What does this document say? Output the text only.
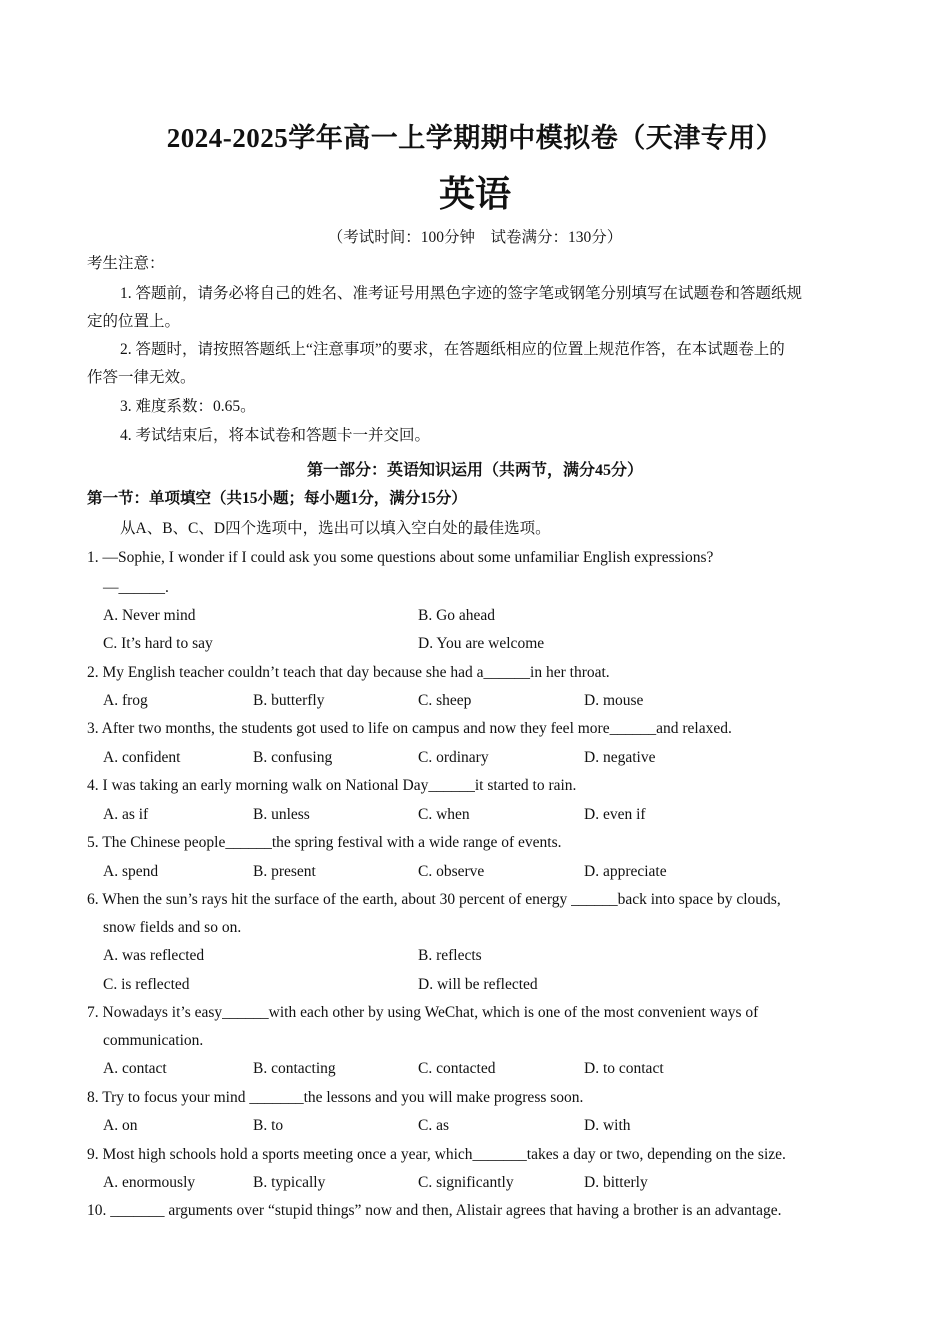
2024-2025学年高一上学期期中模拟卷（天津专用）
英语
（考试时间：100分钟　试卷满分：130分）
考生注意：
1. 答题前，请务必将自己的姓名、准考证号用黑色字迹的签字笔或钢笔分别填写在试题卷和答题纸规
定的位置上。
2. 答题时，请按照答题纸上“注意事项”的要求，在答题纸相应的位置上规范作答，在本试题卷上的
作答一律无效。
3. 难度系数：0.65。
4. 考试结束后，将本试卷和答题卡一并交回。
第一部分：英语知识运用（共两节，满分45分）
第一节：单项填空（共15小题；每小题1分，满分15分）
从A、B、C、D四个选项中，选出可以填入空白处的最佳选项。
1. —Sophie, I wonder if I could ask you some questions about some unfamiliar English expressions?
—______.
A. Never mind	B. Go ahead
C. It’s hard to say	D. You are welcome
2. My English teacher couldn’t teach that day because she had a______in her throat.
A. frog	B. butterfly	C. sheep	D. mouse
3. After two months, the students got used to life on campus and now they feel more______and relaxed.
A. confident	B. confusing	C. ordinary	D. negative
4. I was taking an early morning walk on National Day______it started to rain.
A. as if	B. unless	C. when	D. even if
5. The Chinese people______the spring festival with a wide range of events.
A. spend	B. present	C. observe	D. appreciate
6. When the sun’s rays hit the surface of the earth, about 30 percent of energy ______back into space by clouds,
snow fields and so on.
A. was reflected	B. reflects
C. is reflected	D. will be reflected
7. Nowadays it’s easy______with each other by using WeChat, which is one of the most convenient ways of
communication.
A. contact	B. contacting	C. contacted	D. to contact
8. Try to focus your mind _______the lessons and you will make progress soon.
A. on	B. to	C. as	D. with
9. Most high schools hold a sports meeting once a year, which_______takes a day or two, depending on the size.
A. enormously	B. typically	C. significantly	D. bitterly
10. _______ arguments over “stupid things” now and then, Alistair agrees that having a brother is an advantage.
